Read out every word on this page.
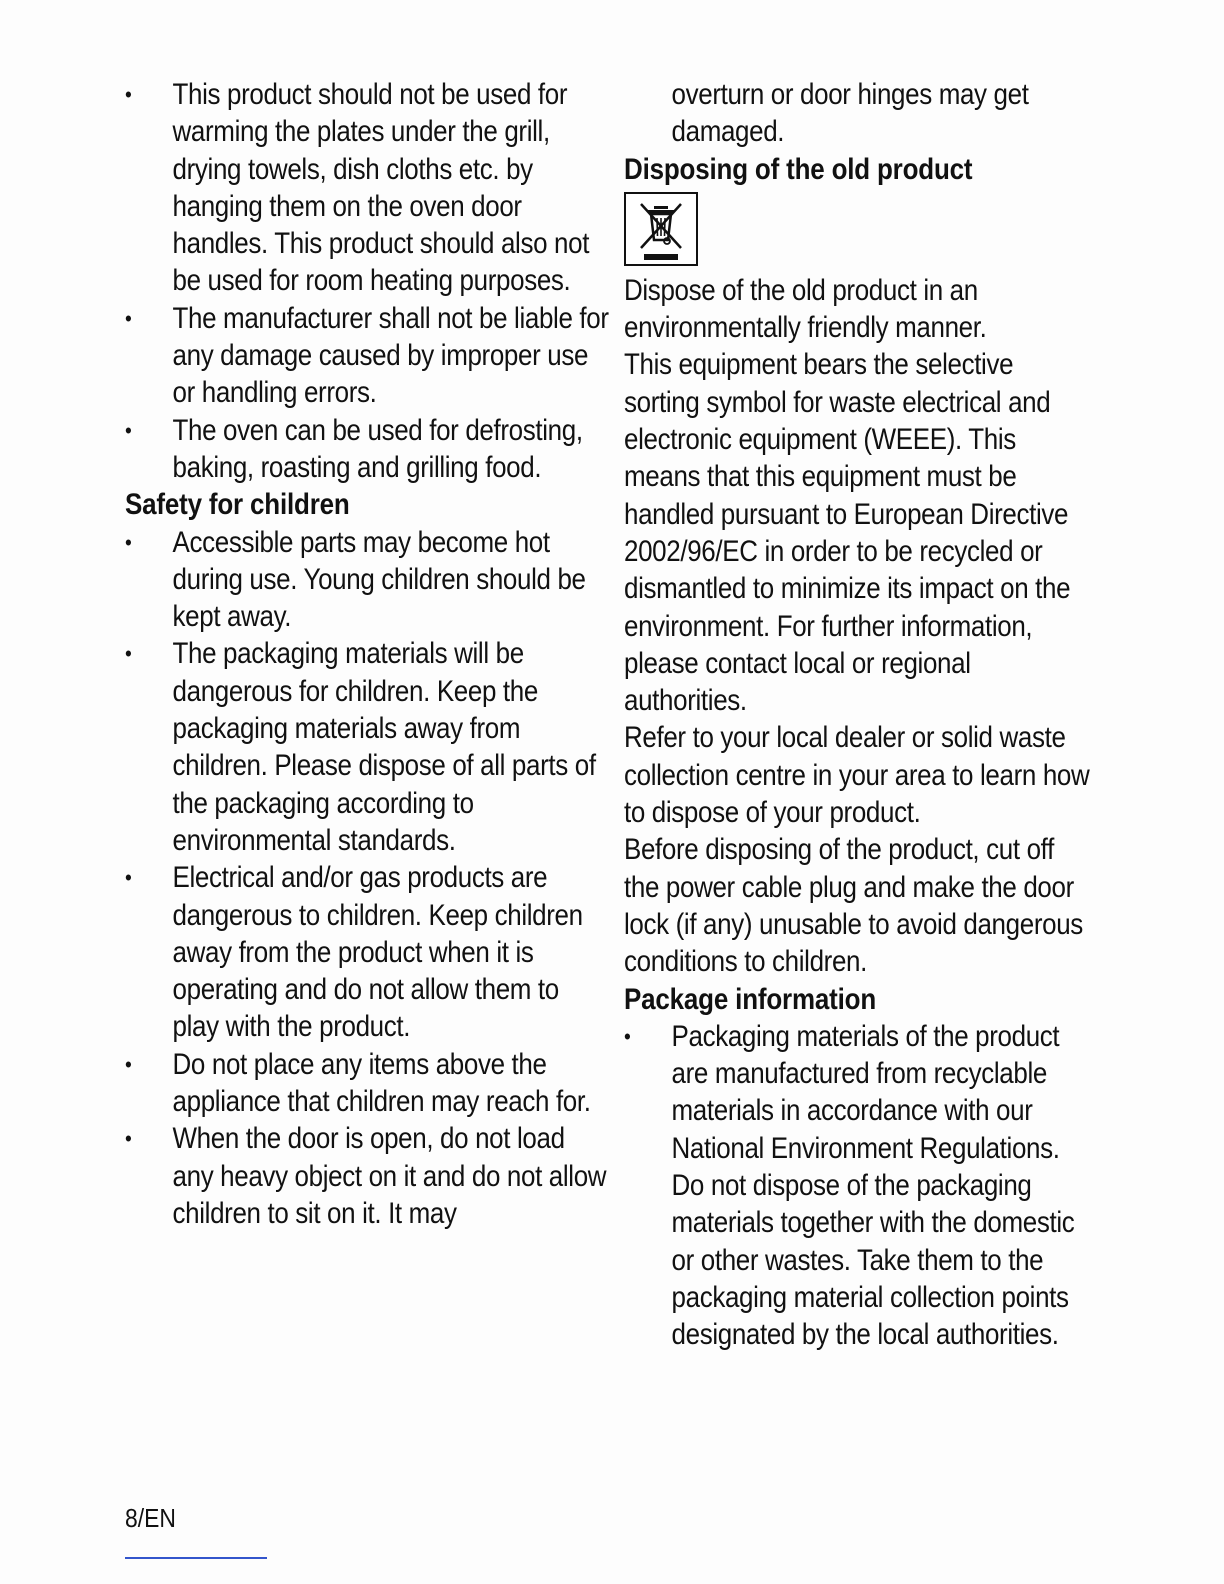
•	This product should not be used for warming the plates under the grill, drying towels, dish cloths etc. by hanging them on the oven door handles. This product should also not be used for room heating purposes.
•	The manufacturer shall not be liable for any damage caused by improper use or handling errors.
•	The oven can be used for defrosting, baking, roasting and grilling food.
Safety for children
•	Accessible parts may become hot during use. Young children should be kept away.
•	The packaging materials will be dangerous for children. Keep the packaging materials away from children. Please dispose of all parts of the packaging according to environmental standards.
•	Electrical and/or gas products are dangerous to children. Keep children away from the product when it is operating and do not allow them to play with the product.
•	Do not place any items above the appliance that children may reach for.
•	When the door is open, do not load any heavy object on it and do not allow children to sit on it. It may
overturn or door hinges may get damaged.
Disposing of the old product
Dispose of the old product in an environmentally friendly manner.
This equipment bears the selective sorting symbol for waste electrical and electronic equipment (WEEE). This means that this equipment must be handled pursuant to European Directive 2002/96/EC in order to be recycled or dismantled to minimize its impact on the environment. For further information, please contact local or regional authorities.
Refer to your local dealer or solid waste collection centre in your area to learn how to dispose of your product.
Before disposing of the product, cut off the power cable plug and make the door lock (if any) unusable to avoid dangerous conditions to children.
Package information
•	Packaging materials of the product are manufactured from recyclable materials in accordance with our National Environment Regulations. Do not dispose of the packaging materials together with the domestic or other wastes. Take them to the packaging material collection points designated by the local authorities.
8/EN
